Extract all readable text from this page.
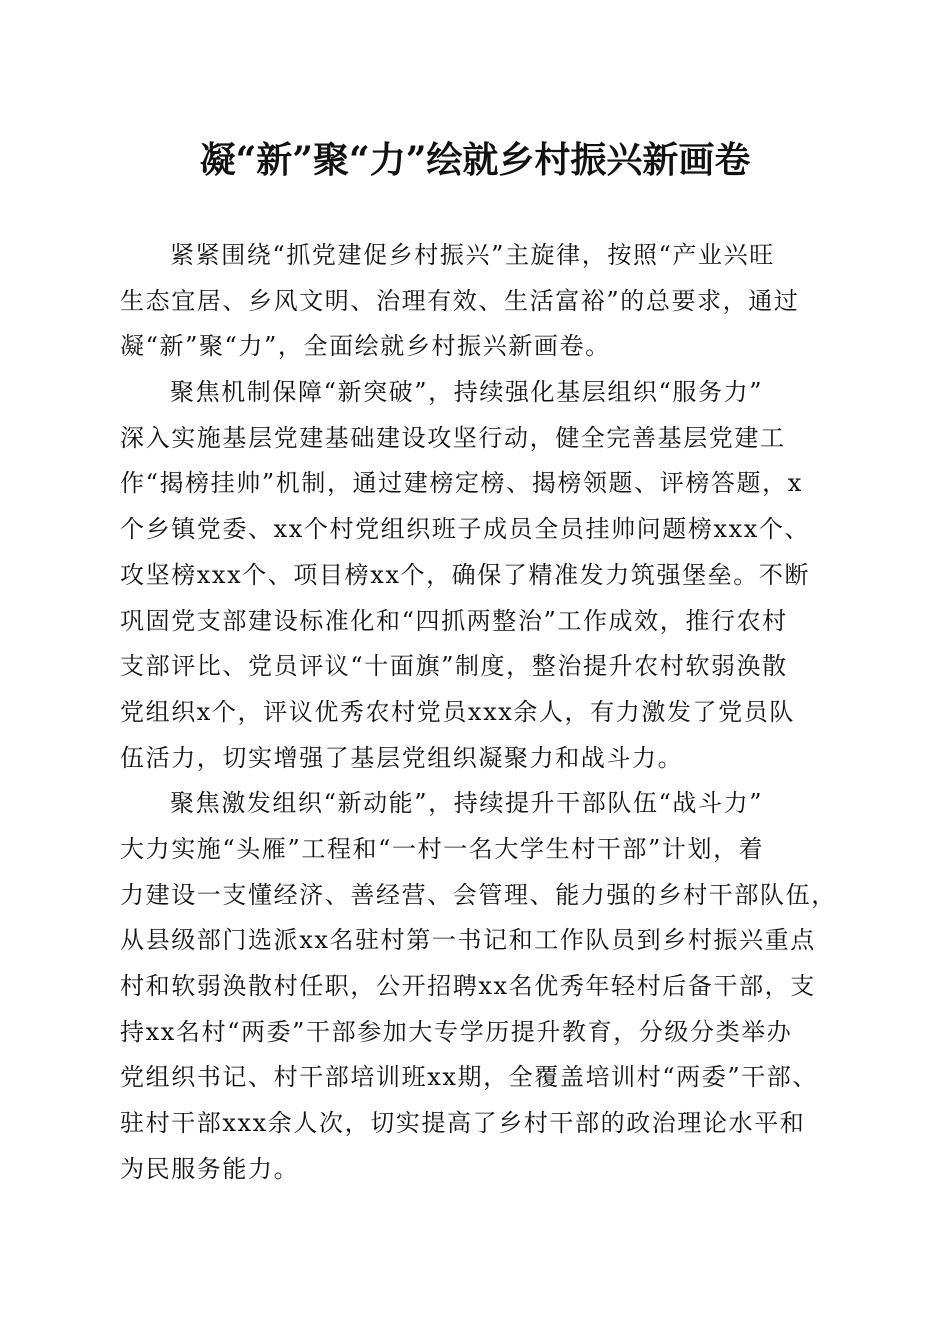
凝“新”聚“力”绘就乡村振兴新画卷
紧紧围绕“抓党建促乡村振兴”主旋律，按照“产业兴旺
生态宜居、乡风文明、治理有效、生活富裕”的总要求，通过
凝“新”聚“力”，全面绘就乡村振兴新画卷。
聚焦机制保障“新突破”，持续强化基层组织“服务力”
深入实施基层党建基础建设攻坚行动，健全完善基层党建工
作“揭榜挂帅”机制，通过建榜定榜、揭榜领题、评榜答题，x
个乡镇党委、xx个村党组织班子成员全员挂帅问题榜xxx个、
攻坚榜xxx个、项目榜xx个，确保了精准发力筑强堡垒。不断
巩固党支部建设标准化和“四抓两整治”工作成效，推行农村
支部评比、党员评议“十面旗”制度，整治提升农村软弱涣散
党组织x个，评议优秀农村党员xxx余人，有力激发了党员队
伍活力，切实增强了基层党组织凝聚力和战斗力。
聚焦激发组织“新动能”，持续提升干部队伍“战斗力”
大力实施“头雁”工程和“一村一名大学生村干部”计划，着
力建设一支懂经济、善经营、会管理、能力强的乡村干部队伍，
从县级部门选派xx名驻村第一书记和工作队员到乡村振兴重点
村和软弱涣散村任职，公开招聘xx名优秀年轻村后备干部，支
持xx名村“两委”干部参加大专学历提升教育，分级分类举办
党组织书记、村干部培训班xx期，全覆盖培训村“两委”干部、
驻村干部xxx余人次，切实提高了乡村干部的政治理论水平和
为民服务能力。
